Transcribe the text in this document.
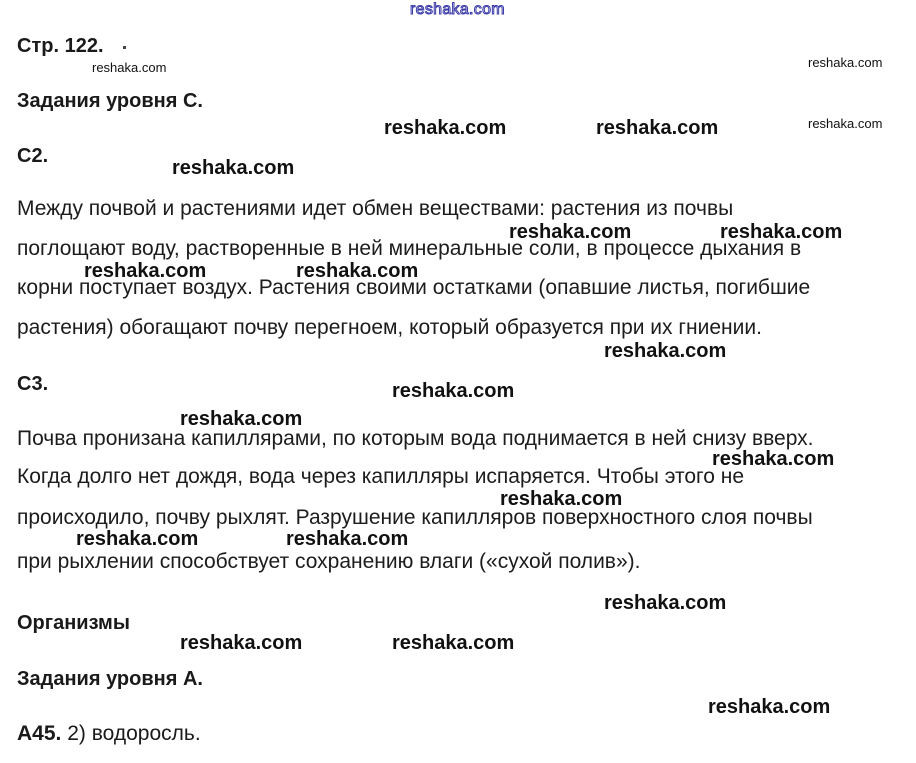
reshaka.com
Стр. 122.
Задания уровня С.
С2.
Между почвой и растениями идет обмен веществами: растения из почвы
поглощают воду, растворенные в ней минеральные соли, в процессе дыхания в
корни поступает воздух. Растения своими остатками (опавшие листья, погибшие
растения) обогащают почву перегноем, который образуется при их гниении.
С3.
Почва пронизана капиллярами, по которым вода поднимается в ней снизу вверх.
Когда долго нет дождя, вода через капилляры испаряется. Чтобы этого не
происходило, почву рыхлят. Разрушение капилляров поверхностного слоя почвы
при рыхлении способствует сохранению влаги («сухой полив»).
Организмы
Задания уровня А.
А45. 2) водоросль.
reshaka.com	reshaka.com
reshaka.com
reshaka.com	reshaka.com
reshaka.com	reshaka.com
reshaka.com
reshaka.com
reshaka.com
reshaka.com
reshaka.com
reshaka.com	reshaka.com
reshaka.com
reshaka.com	reshaka.com
reshaka.com
reshaka.com	reshaka.com
reshaka.com
